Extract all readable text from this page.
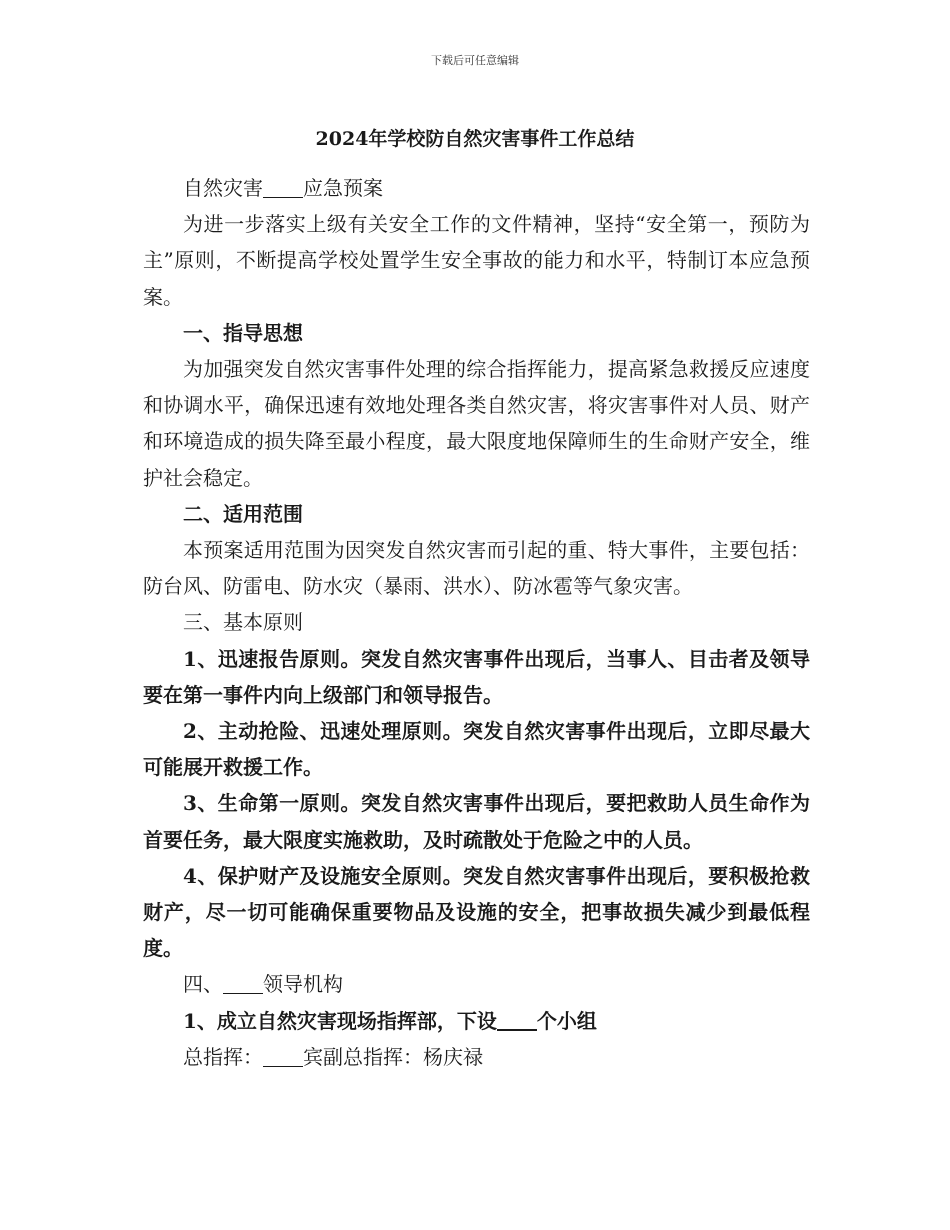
下载后可任意编辑
2024年学校防自然灾害事件工作总结

自然灾害 应急预案

为进一步落实上级有关安全工作的文件精神，坚持“安全第一，预防为主”原则，不断提高学校处置学生安全事故的能力和水平，特制订本应急预案。

一、指导思想

为加强突发自然灾害事件处理的综合指挥能力，提高紧急救援反应速度和协调水平，确保迅速有效地处理各类自然灾害，将灾害事件对人员、财产和环境造成的损失降至最小程度，最大限度地保障师生的生命财产安全，维护社会稳定。

二、适用范围

本预案适用范围为因突发自然灾害而引起的重、特大事件，主要包括：防台风、防雷电、防水灾（暴雨、洪水）、防冰雹等气象灾害。

三、基本原则

1、迅速报告原则。突发自然灾害事件出现后，当事人、目击者及领导要在第一事件内向上级部门和领导报告。

2、主动抢险、迅速处理原则。突发自然灾害事件出现后，立即尽最大可能展开救援工作。

3、生命第一原则。突发自然灾害事件出现后，要把救助人员生命作为首要任务，最大限度实施救助，及时疏散处于危险之中的人员。

4、保护财产及设施安全原则。突发自然灾害事件出现后，要积极抢救财产，尽一切可能确保重要物品及设施的安全，把事故损失减少到最低程度。

四、 领导机构

1、成立自然灾害现场指挥部，下设 个小组

总指挥： 宾副总指挥：杨庆禄
